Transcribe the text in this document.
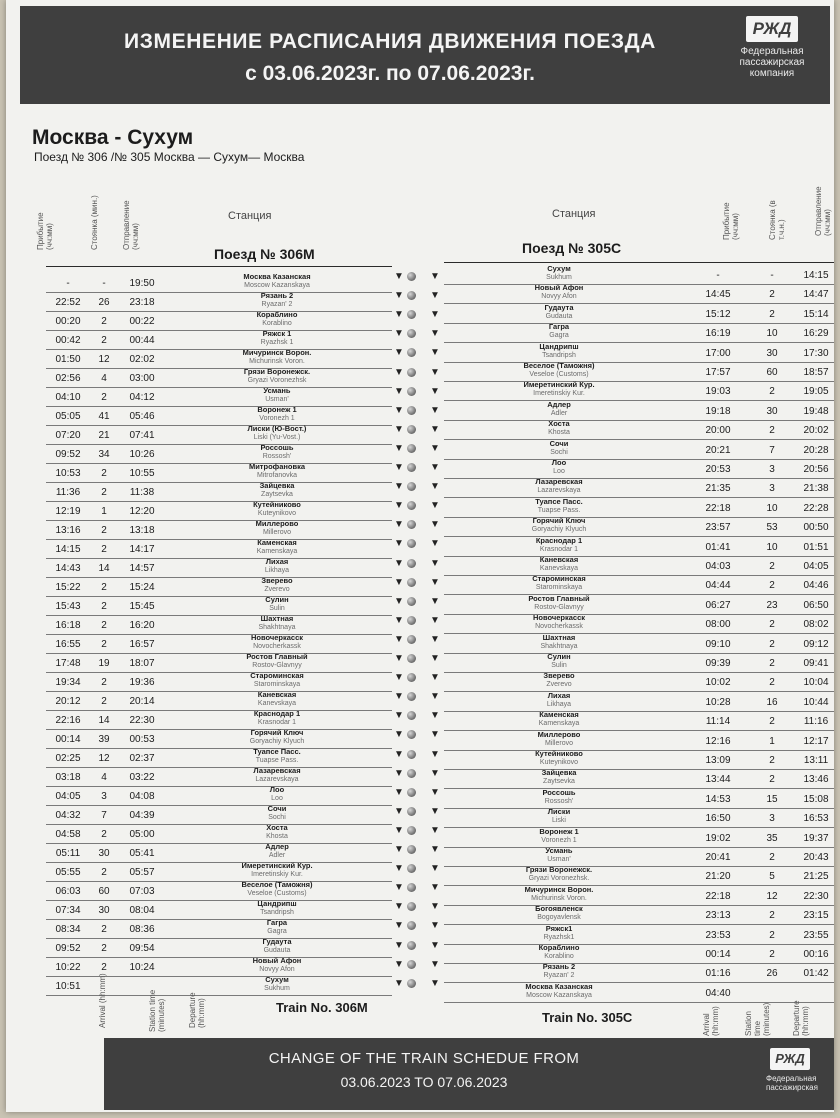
ИЗМЕНЕНИЕ РАСПИСАНИЯ ДВИЖЕНИЯ ПОЕЗДА
с 03.06.2023г. по 07.06.2023г.
РЖД
Федеральная
пассажирская
компания
Москва - Сухум
Поезд № 306 /№ 305 Москва — Сухум— Москва
Прибытие (чч:мм)	Стоянка (мин.)	Отправление (чч:мм)
Станция	Станция	Прибытие (чч:мм)	Стоянка (в т.ч.н.)	Отправление (чч:мм)
Поезд № 306М	Поезд № 305С
-	-	19:50
Москва Казанская
Moscow Kazanskaya
22:52	26	23:18
Рязань 2
Ryazan' 2
00:20	2	00:22
Кораблино
Korablino
00:42	2	00:44
Ряжск 1
Ryazhsk 1
01:50	12	02:02
Мичуринск Ворон.
Michurinsk Voron.
02:56	4	03:00
Грязи Воронежск.
Gryazi Voronezhsk
04:10	2	04:12
Усмань
Usman'
05:05	41	05:46
Воронеж 1
Voronezh 1
07:20	21	07:41
Лиски (Ю-Вост.)
Liski (Yu-Vost.)
09:52	34	10:26
Россошь
Rossosh'
10:53	2	10:55
Митрофановка
Mitrofanovka
11:36	2	11:38
Зайцевка
Zaytsevka
12:19	1	12:20
Кутейниково
Kuteynikovo
13:16	2	13:18
Миллерово
Millerovo
14:15	2	14:17
Каменская
Kamenskaya
14:43	14	14:57
Лихая
Likhaya
15:22	2	15:24
Зверево
Zverevo
15:43	2	15:45
Сулин
Sulin
16:18	2	16:20
Шахтная
Shakhtnaya
16:55	2	16:57
Новочеркасск
Novocherkassk
17:48	19	18:07
Ростов Главный
Rostov-Glavnyy
19:34	2	19:36
Староминская
Starominskaya
20:12	2	20:14
Каневская
Kanevskaya
22:16	14	22:30
Краснодар 1
Krasnodar 1
00:14	39	00:53
Горячий Ключ
Goryachiy Klyuch
02:25	12	02:37
Туапсе Пасс.
Tuapse Pass.
03:18	4	03:22
Лазаревская
Lazarevskaya
04:05	3	04:08
Лоо
Loo
04:32	7	04:39
Сочи
Sochi
04:58	2	05:00
Хоста
Khosta
05:11	30	05:41
Адлер
Adler
05:55	2	05:57
Имеретинский Кур.
Imeretinskiy Kur.
06:03	60	07:03
Веселое (Таможня)
Veseloe (Customs)
07:34	30	08:04
Цандрипш
Tsandripsh
08:34	2	08:36
Гагра
Gagra
09:52	2	09:54
Гудаута
Gudauta
10:22	2	10:24
Новый Афон
Novyy Afon
10:51
Сухум
Sukhum
Сухум
Sukhum	-	-	14:15
Новый Афон
Novyy Afon	14:45	2	14:47
Гудаута
Gudauta	15:12	2	15:14
Гагра
Gagra	16:19	10	16:29
Цандрипш
Tsandripsh	17:00	30	17:30
Веселое (Таможня)
Veseloe (Customs)	17:57	60	18:57
Имеретинский Кур.
Imeretinskiy Kur.	19:03	2	19:05
Адлер
Adler	19:18	30	19:48
Хоста
Khosta	20:00	2	20:02
Сочи
Sochi	20:21	7	20:28
Лоо
Loo	20:53	3	20:56
Лазаревская
Lazarevskaya	21:35	3	21:38
Туапсе Пасс.
Tuapse Pass.	22:18	10	22:28
Горячий Ключ
Goryachiy Klyuch	23:57	53	00:50
Краснодар 1
Krasnodar 1	01:41	10	01:51
Каневская
Kanevskaya	04:03	2	04:05
Староминская
Starominskaya	04:44	2	04:46
Ростов Главный
Rostov-Glavnyy	06:27	23	06:50
Новочеркасск
Novocherkassk	08:00	2	08:02
Шахтная
Shakhtnaya	09:10	2	09:12
Сулин
Sulin	09:39	2	09:41
Зверево
Zverevo	10:02	2	10:04
Лихая
Likhaya	10:28	16	10:44
Каменская
Kamenskaya	11:14	2	11:16
Миллерово
Millerovo	12:16	1	12:17
Кутейниково
Kuteynikovo	13:09	2	13:11
Зайцевка
Zaytsevka	13:44	2	13:46
Россошь
Rossosh'	14:53	15	15:08
Лиски
Liski	16:50	3	16:53
Воронеж 1
Voronezh 1	19:02	35	19:37
Усмань
Usman'	20:41	2	20:43
Грязи Воронежск.
Gryazi Voronezhsk.	21:20	5	21:25
Мичуринск Ворон.
Michurinsk Voron.	22:18	12	22:30
Богоявленск
Bogoyavlensk	23:13	2	23:15
Ряжск1
Ryazhsk1	23:53	2	23:55
Кораблино
Korablino	00:14	2	00:16
Рязань 2
Ryazan' 2	01:16	26	01:42
Москва Казанская
Moscow Kazanskaya	04:40
▼	▼
▼	▼
▼	▼
▼	▼
▼	▼
▼	▼
▼	▼
▼	▼
▼	▼
▼	▼
▼	▼
▼	▼
▼	▼
▼	▼
▼	▼
▼	▼
▼	▼
▼	▼
▼	▼
▼	▼
▼	▼
▼	▼
▼	▼
▼	▼
▼	▼
▼	▼
▼	▼
▼	▼
▼	▼
▼	▼
▼	▼
▼	▼
▼	▼
▼	▼
▼	▼
▼	▼
▼	▼
▼	▼
Train No. 306M
Train No. 305C
Arrival (hh:mm)	Station time (minutes)	Departure (hh:mm)	Arrival (hh:mm)	Station time (minutes)	Departure (hh:mm)
CHANGE OF THE TRAIN SCHEDUE FROM
03.06.2023 TO 07.06.2023
РЖД
Федеральная
пассажирская
